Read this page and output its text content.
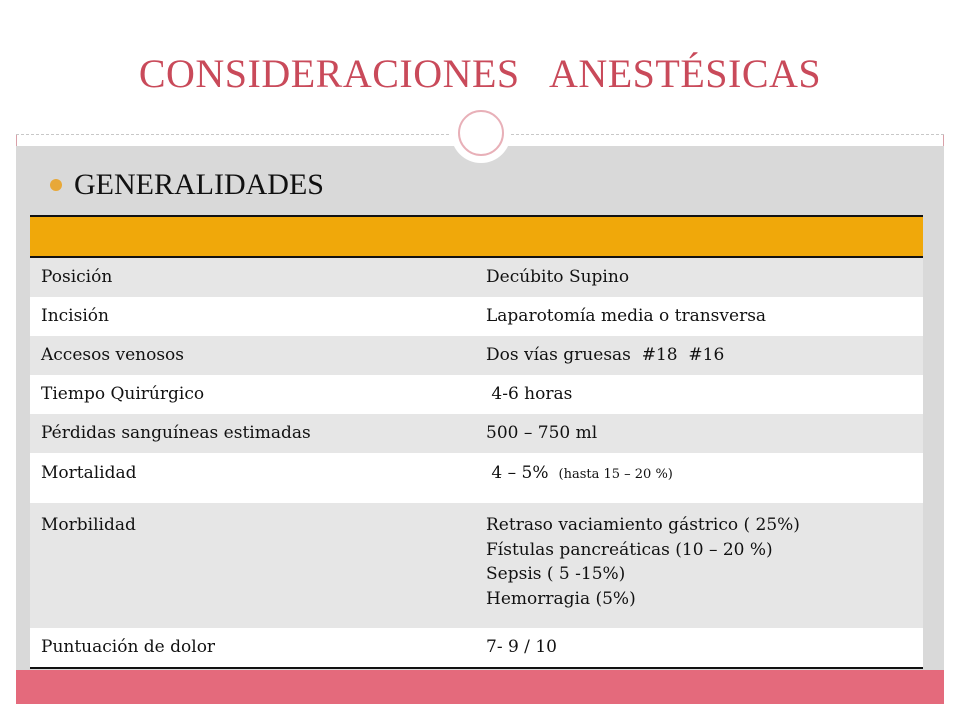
CONSIDERACIONES   ANESTÉSICAS
GENERALIDADES
Posición	Decúbito Supino
Incisión	Laparotomía media o transversa
Accesos venosos	Dos vías gruesas  #18  #16
Tiempo Quirúrgico	4-6 horas
Pérdidas sanguíneas estimadas	500 – 750 ml
Mortalidad	4 – 5% (hasta 15 – 20 %)
Morbilidad	Retraso vaciamiento gástrico ( 25%)
Fístulas pancreáticas (10 – 20 %)
Sepsis ( 5 -15%)
Hemorragia (5%)
Puntuación de dolor	7- 9 / 10
